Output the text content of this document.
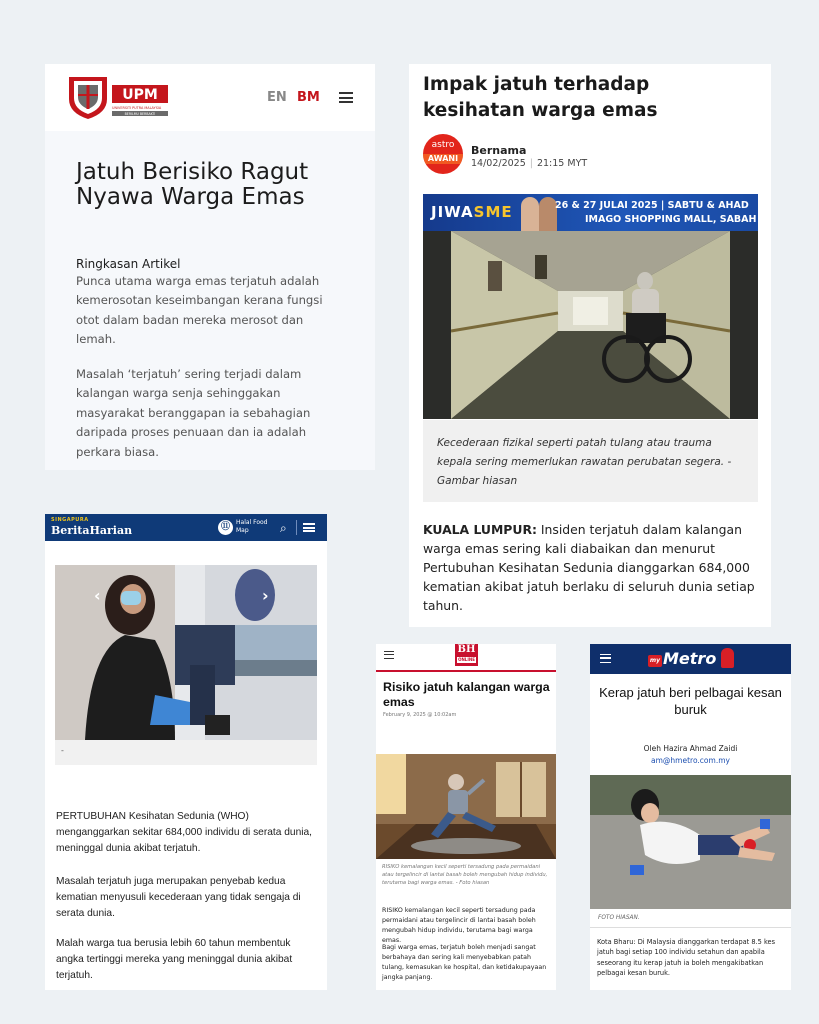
UPM
UNIVERSITI PUTRA MALAYSIA
BERILMU BERBAKTI
EN BM
Jatuh Berisiko Ragut Nyawa Warga Emas
Ringkasan Artikel
Punca utama warga emas terjatuh adalah kemerosotan keseimbangan kerana fungsi otot dalam badan mereka merosot dan lemah.
Masalah ‘terjatuh’ sering terjadi dalam kalangan warga senja sehinggakan masyarakat beranggapan ia sebahagian daripada proses penuaan dan ia adalah perkara biasa.
Impak jatuh terhadap kesihatan warga emas
astro
AWANI
Bernama
14/02/2025 | 21:15 MYT
JIWASME	26 & 27 JULAI 2025 | SABTU & AHAD
IMAGO SHOPPING MALL, SABAH
Kecederaan fizikal seperti patah tulang atau trauma kepala sering memerlukan rawatan perubatan segera. - Gambar hiasan
KUALA LUMPUR: Insiden terjatuh dalam kalangan warga emas sering kali diabaikan dan menurut Pertubuhan Kesihatan Sedunia dianggarkan 684,000 kematian akibat jatuh berlaku di seluruh dunia setiap tahun.
SINGAPURA
BeritaHarian	⑪	Halal Food Map	⌕
‹	›
-
PERTUBUHAN Kesihatan Sedunia (WHO) menganggarkan sekitar 684,000 individu di serata dunia, meninggal dunia akibat terjatuh.
Masalah terjatuh juga merupakan penyebab kedua kematian menyusuli kecederaan yang tidak sengaja di serata dunia.
Malah warga tua berusia lebih 60 tahun membentuk angka tertinggi mereka yang meninggal dunia akibat terjatuh.
BH
ONLINE
Risiko jatuh kalangan warga emas
February 9, 2025 @ 10:02am
RISIKO kemalangan kecil seperti tersadung pada permaidani atau tergelincir di lantai basah boleh mengubah hidup individu, terutama bagi warga emas. - Foto hiasan
RISIKO kemalangan kecil seperti tersadung pada permaidani atau tergelincir di lantai basah boleh mengubah hidup individu, terutama bagi warga emas.
Bagi warga emas, terjatuh boleh menjadi sangat berbahaya dan sering kali menyebabkan patah tulang, kemasukan ke hospital, dan ketidakupayaan jangka panjang.
my Metro
Kerap jatuh beri pelbagai kesan buruk
Oleh Hazira Ahmad Zaidi
am@hmetro.com.my
FOTO HIASAN.
Kota Bharu: Di Malaysia dianggarkan terdapat 8.5 kes jatuh bagi setiap 100 individu setahun dan apabila seseorang itu kerap jatuh ia boleh mengakibatkan pelbagai kesan buruk.
